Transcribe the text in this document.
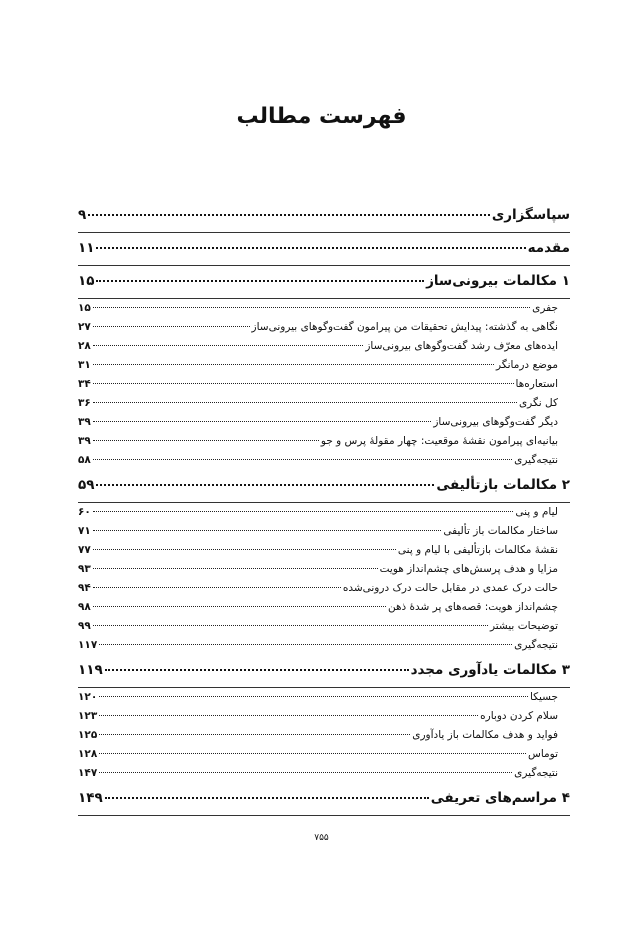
فهرست مطالب
سپاسگزاری
۹
مقدمه
۱۱
۱ مکالمات بیرونی‌ساز
۱۵
جفری
۱۵
نگاهی به گذشته: پیدایش تحقیقات من پیرامون گفت‌وگوهای بیرونی‌ساز
۲۷
ایده‌های معرّف رشد گفت‌وگوهای بیرونی‌ساز
۲۸
موضع درمانگر
۳۱
استعاره‌ها
۳۴
کل نگری
۳۶
دیگر گفت‌وگوهای بیرونی‌ساز
۳۹
بیانیه‌ای پیرامون نقشهٔ موقعیت: چهار مقولهٔ پرس و جو
۳۹
نتیجه‌گیری
۵۸
۲ مکالمات بازتألیفی
۵۹
لیام و پنی
۶۰
ساختار مکالمات باز تألیفی
۷۱
نقشهٔ مکالمات بازتألیفی با لیام و پنی
۷۷
مزایا و هدف پرسش‌های چشم‌انداز هویت
۹۳
حالت درک عمدی در مقابل حالت درک درونی‌شده
۹۴
چشم‌انداز هویت: قصه‌های پر شدهٔ ذهن
۹۸
توضیحات بیشتر
۹۹
نتیجه‌گیری
۱۱۷
۳ مکالمات یادآوری مجدد
۱۱۹
جسیکا
۱۲۰
سلام کردن دوباره
۱۲۳
فواید و هدف مکالمات باز یادآوری
۱۲۵
توماس
۱۲۸
نتیجه‌گیری
۱۴۷
۴ مراسم‌های تعریفی
۱۴۹
۷۵۵
